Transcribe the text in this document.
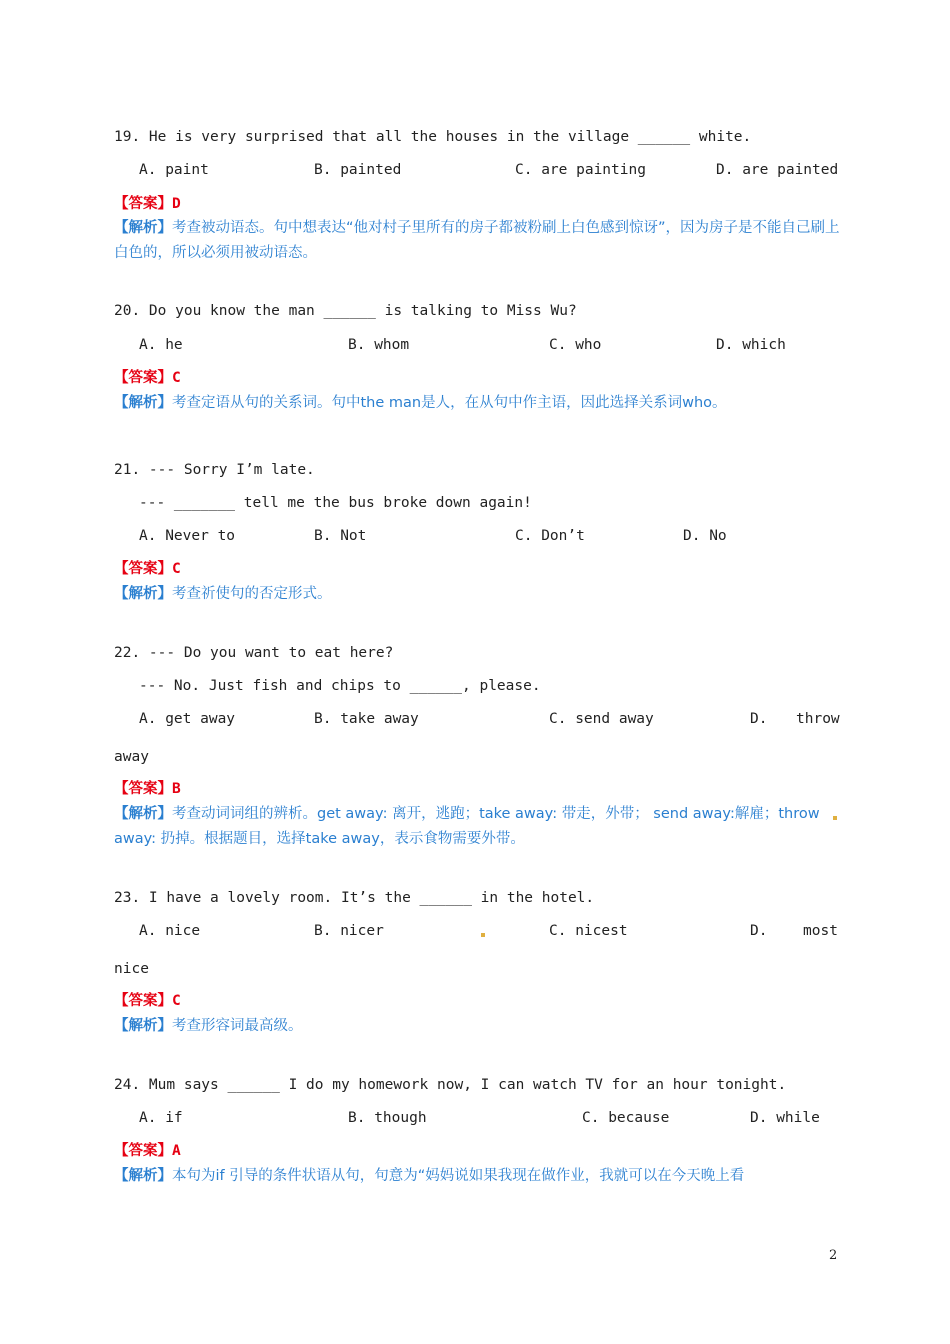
19. He is very surprised that all the houses in the village ______ white.
A. paint	B. painted	C. are painting	D. are painted
【答案】D
【解析】考查被动语态。句中想表达“他对村子里所有的房子都被粉刷上白色感到惊讶”，因为房子是不能自己刷上白色的，所以必须用被动语态。
20. Do you know the man ______ is talking to Miss Wu?
A. he	B. whom	C. who	D. which
【答案】C
【解析】考查定语从句的关系词。句中the man是人，在从句中作主语，因此选择关系词who。
21. --- Sorry I’m late.
--- _______ tell me the bus broke down again!
A. Never to	B. Not	C. Don’t	D. No
【答案】C
【解析】考查祈使句的否定形式。
22. --- Do you want to eat here?
--- No. Just fish and chips to ______, please.
A. get away	B. take away	C. send away	D. throw
away
【答案】B
【解析】考查动词词组的辨析。get away: 离开，逃跑；take away: 带走，外带； send away:解雇；throw away: 扔掉。根据题目，选择take away，表示食物需要外带。
23. I have a lovely room. It’s the ______ in the hotel.
A. nice	B. nicer	C. nicest	D. most
nice
【答案】C
【解析】考查形容词最高级。
24. Mum says ______ I do my homework now, I can watch TV for an hour tonight.
A. if	B. though	C. because	D. while
【答案】A
【解析】本句为if 引导的条件状语从句，句意为“妈妈说如果我现在做作业，我就可以在今天晚上看
2
